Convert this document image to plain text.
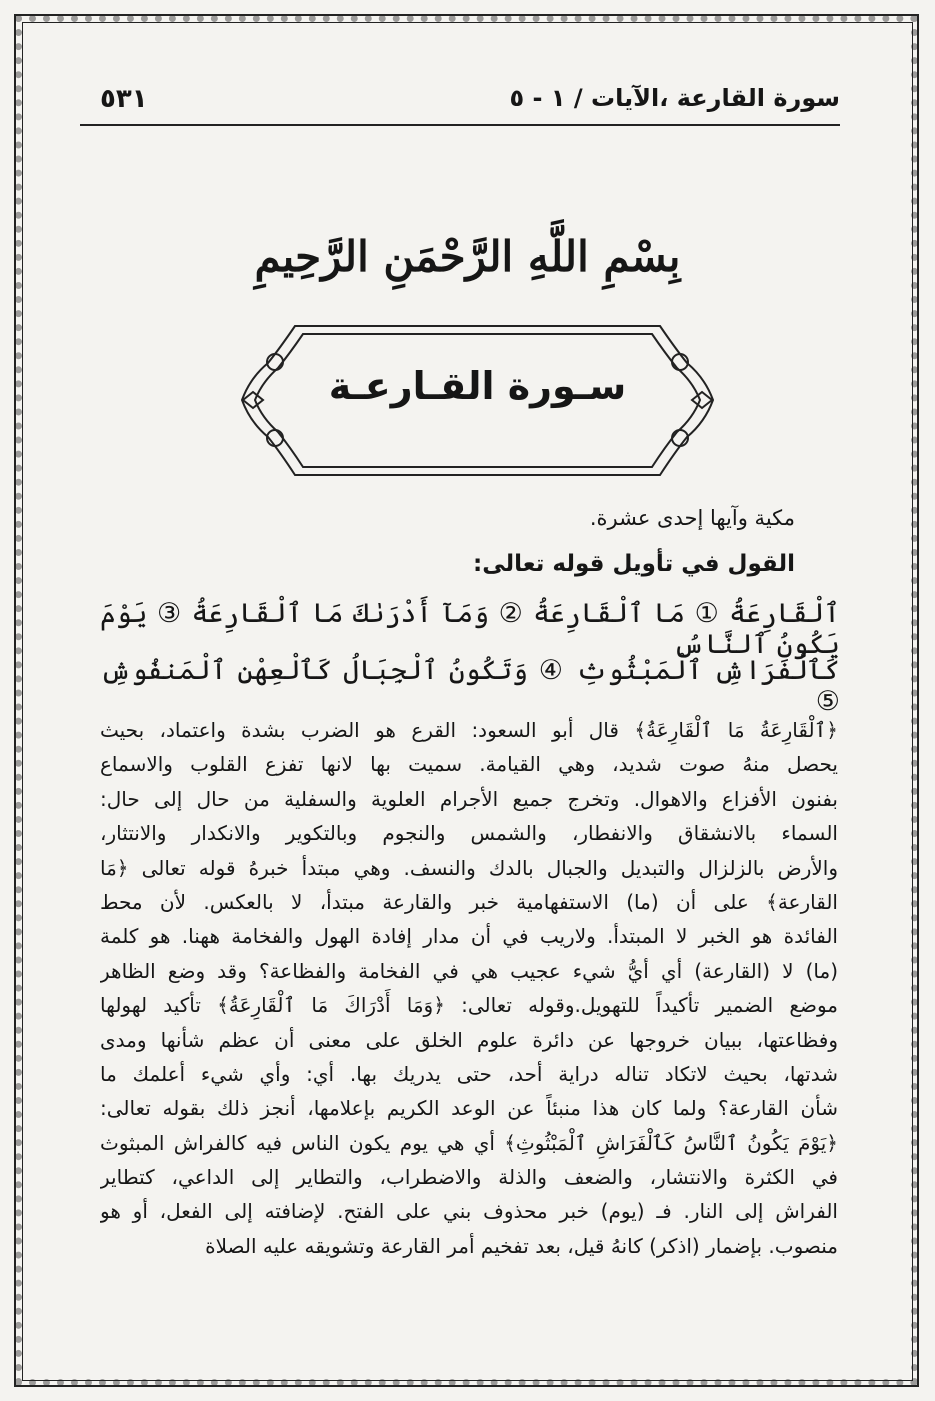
٥٣١	سورة القارعة ،الآيات / ١ - ٥
بِسْمِ اللَّهِ الرَّحْمَنِ الرَّحِيمِ
سـورة القـارعـة
مكية وآيها إحدى عشرة.
القول في تأويل قوله تعالى:
ٱلْقَارِعَةُ ① مَا ٱلْقَارِعَةُ ② وَمَآ أَدْرَىٰكَ مَا ٱلْقَارِعَةُ ③ يَوْمَ يَكُونُ ٱلنَّاسُ
كَٱلْفَرَاشِ ٱلْمَبْثُوثِ ④ وَتَكُونُ ٱلْجِبَالُ كَٱلْعِهْنِ ٱلْمَنفُوشِ ⑤
﴿ٱلْقَارِعَةُ مَا ٱلْقَارِعَةُ﴾ قال أبو السعود: القرع هو الضرب بشدة واعتماد، بحيث
يحصل منهُ صوت شديد، وهي القيامة. سميت بها لانها تفزع القلوب والاسماع
بفنون الأفزاع والاهوال. وتخرج جميع الأجرام العلوية والسفلية من حال إلى حال:
السماء بالانشقاق والانفطار، والشمس والنجوم وبالتكوير والانكدار والانتثار،
والأرض بالزلزال والتبديل والجبال بالدك والنسف. وهي مبتدأ خبرهُ قوله تعالى ﴿مَا
القارعة﴾ على أن (ما) الاستفهامية خبر والقارعة مبتدأ، لا بالعكس. لأن محط
الفائدة هو الخبر لا المبتدأ. ولاريب في أن مدار إفادة الهول والفخامة ههنا. هو كلمة
(ما) لا (القارعة) أي أيُّ شيء عجيب هي في الفخامة والفظاعة؟ وقد وضع الظاهر
موضع الضمير تأكيداً للتهويل.وقوله تعالى: ﴿وَمَا أَدْرَاكَ مَا ٱلْقَارِعَةُ﴾ تأكيد لهولها
وفظاعتها، ببيان خروجها عن دائرة علوم الخلق على معنى أن عظم شأنها ومدى
شدتها، بحيث لاتكاد تناله دراية أحد، حتى يدريك بها. أي: وأي شيء أعلمك ما
شأن القارعة؟ ولما كان هذا منبئاً عن الوعد الكريم بإعلامها، أنجز ذلك بقوله تعالى:
﴿يَوْمَ يَكُونُ ٱلنَّاسُ كَٱلْفَرَاشِ ٱلْمَبْثُوثِ﴾ أي هي يوم يكون الناس فيه كالفراش المبثوث
في الكثرة والانتشار، والضعف والذلة والاضطراب، والتطاير إلى الداعي، كتطاير
الفراش إلى النار. فـ (يوم) خبر محذوف بني على الفتح. لإضافته إلى الفعل، أو هو
منصوب. بإضمار (اذكر) كانهُ قيل، بعد تفخيم أمر القارعة وتشويقه عليه الصلاة
